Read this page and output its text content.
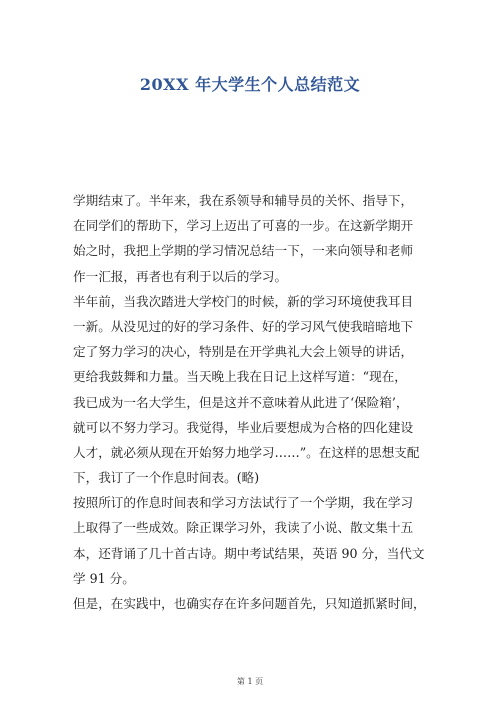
20XX 年大学生个人总结范文
学期结束了。半年来，我在系领导和辅导员的关怀、指导下，
在同学们的帮助下，学习上迈出了可喜的一步。在这新学期开
始之时，我把上学期的学习情况总结一下，一来向领导和老师
作一汇报，再者也有利于以后的学习。
半年前，当我次踏进大学校门的时候，新的学习环境使我耳目
一新。从没见过的好的学习条件、好的学习风气使我暗暗地下
定了努力学习的决心，特别是在开学典礼大会上领导的讲话，
更给我鼓舞和力量。当天晚上我在日记上这样写道：“现在，
我已成为一名大学生，但是这并不意味着从此进了‘保险箱’，
就可以不努力学习。我觉得，毕业后要想成为合格的四化建设
人才，就必须从现在开始努力地学习……”。在这样的思想支配
下，我订了一个作息时间表。(略)
按照所订的作息时间表和学习方法试行了一个学期，我在学习
上取得了一些成效。除正课学习外，我读了小说、散文集十五
本，还背诵了几十首古诗。期中考试结果，英语 90 分，当代文
学 91 分。
但是，在实践中，也确实存在许多问题首先，只知道抓紧时间，
第 1 页
